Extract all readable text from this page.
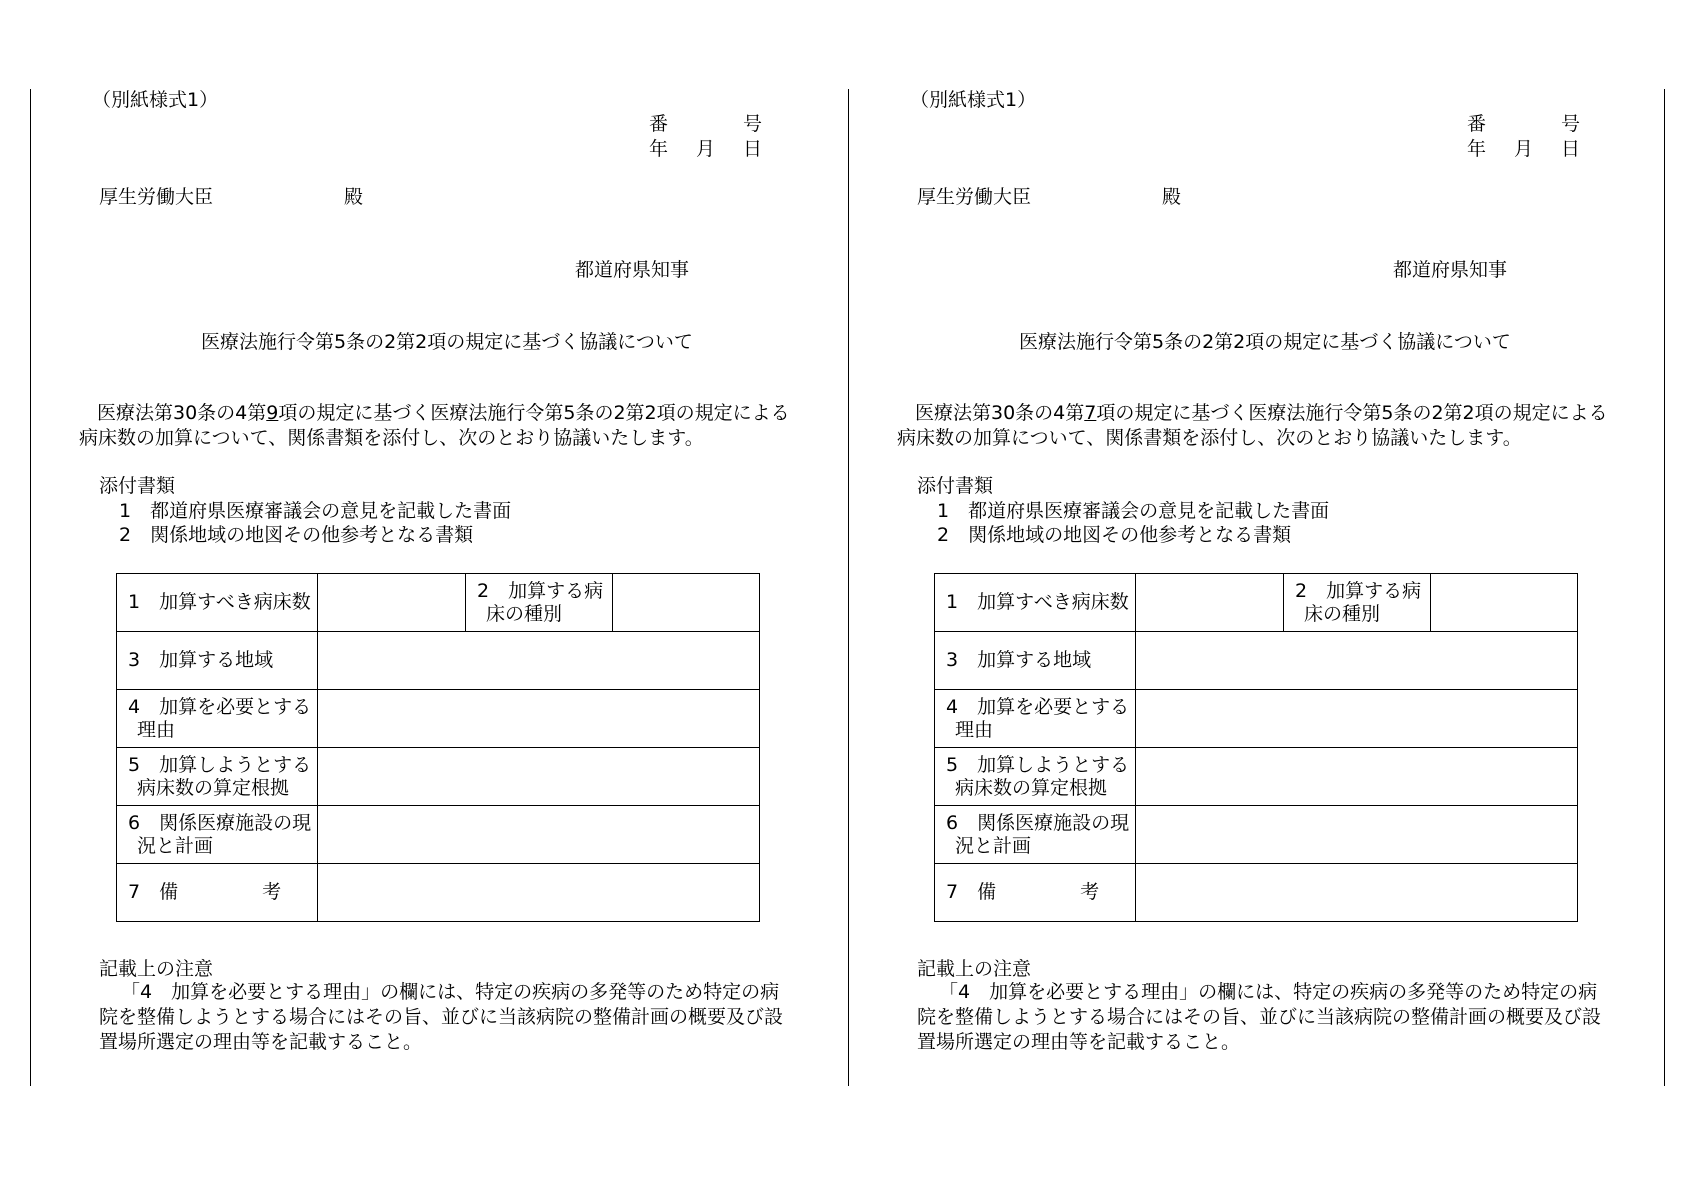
（別紙様式1）
番	号
年 月 日
厚生労働大臣	殿
都道府県知事
医療法施行令第5条の2第2項の規定に基づく協議について
医療法第30条の4第9項の規定に基づく医療法施行令第5条の2第2項の規定による
病床数の加算について、関係書類を添付し、次のとおり協議いたします。
添付書類
1　都道府県医療審議会の意見を記載した書面
2　関係地域の地図その他参考となる書類
1　加算すべき病床数		2　加算する病
床の種別	
3　加算する地域			
4　加算を必要とする
理由			
5　加算しようとする
病床数の算定根拠			
6　関係医療施設の現
況と計画			
7　備 考			
記載上の注意
「4　加算を必要とする理由」の欄には、特定の疾病の多発等のため特定の病
院を整備しようとする場合にはその旨、並びに当該病院の整備計画の概要及び設
置場所選定の理由等を記載すること。
（別紙様式1）
番	号
年 月 日
厚生労働大臣	殿
都道府県知事
医療法施行令第5条の2第2項の規定に基づく協議について
医療法第30条の4第7項の規定に基づく医療法施行令第5条の2第2項の規定による
病床数の加算について、関係書類を添付し、次のとおり協議いたします。
添付書類
1　都道府県医療審議会の意見を記載した書面
2　関係地域の地図その他参考となる書類
1　加算すべき病床数		2　加算する病
床の種別	
3　加算する地域			
4　加算を必要とする
理由			
5　加算しようとする
病床数の算定根拠			
6　関係医療施設の現
況と計画			
7　備 考			
記載上の注意
「4　加算を必要とする理由」の欄には、特定の疾病の多発等のため特定の病
院を整備しようとする場合にはその旨、並びに当該病院の整備計画の概要及び設
置場所選定の理由等を記載すること。
